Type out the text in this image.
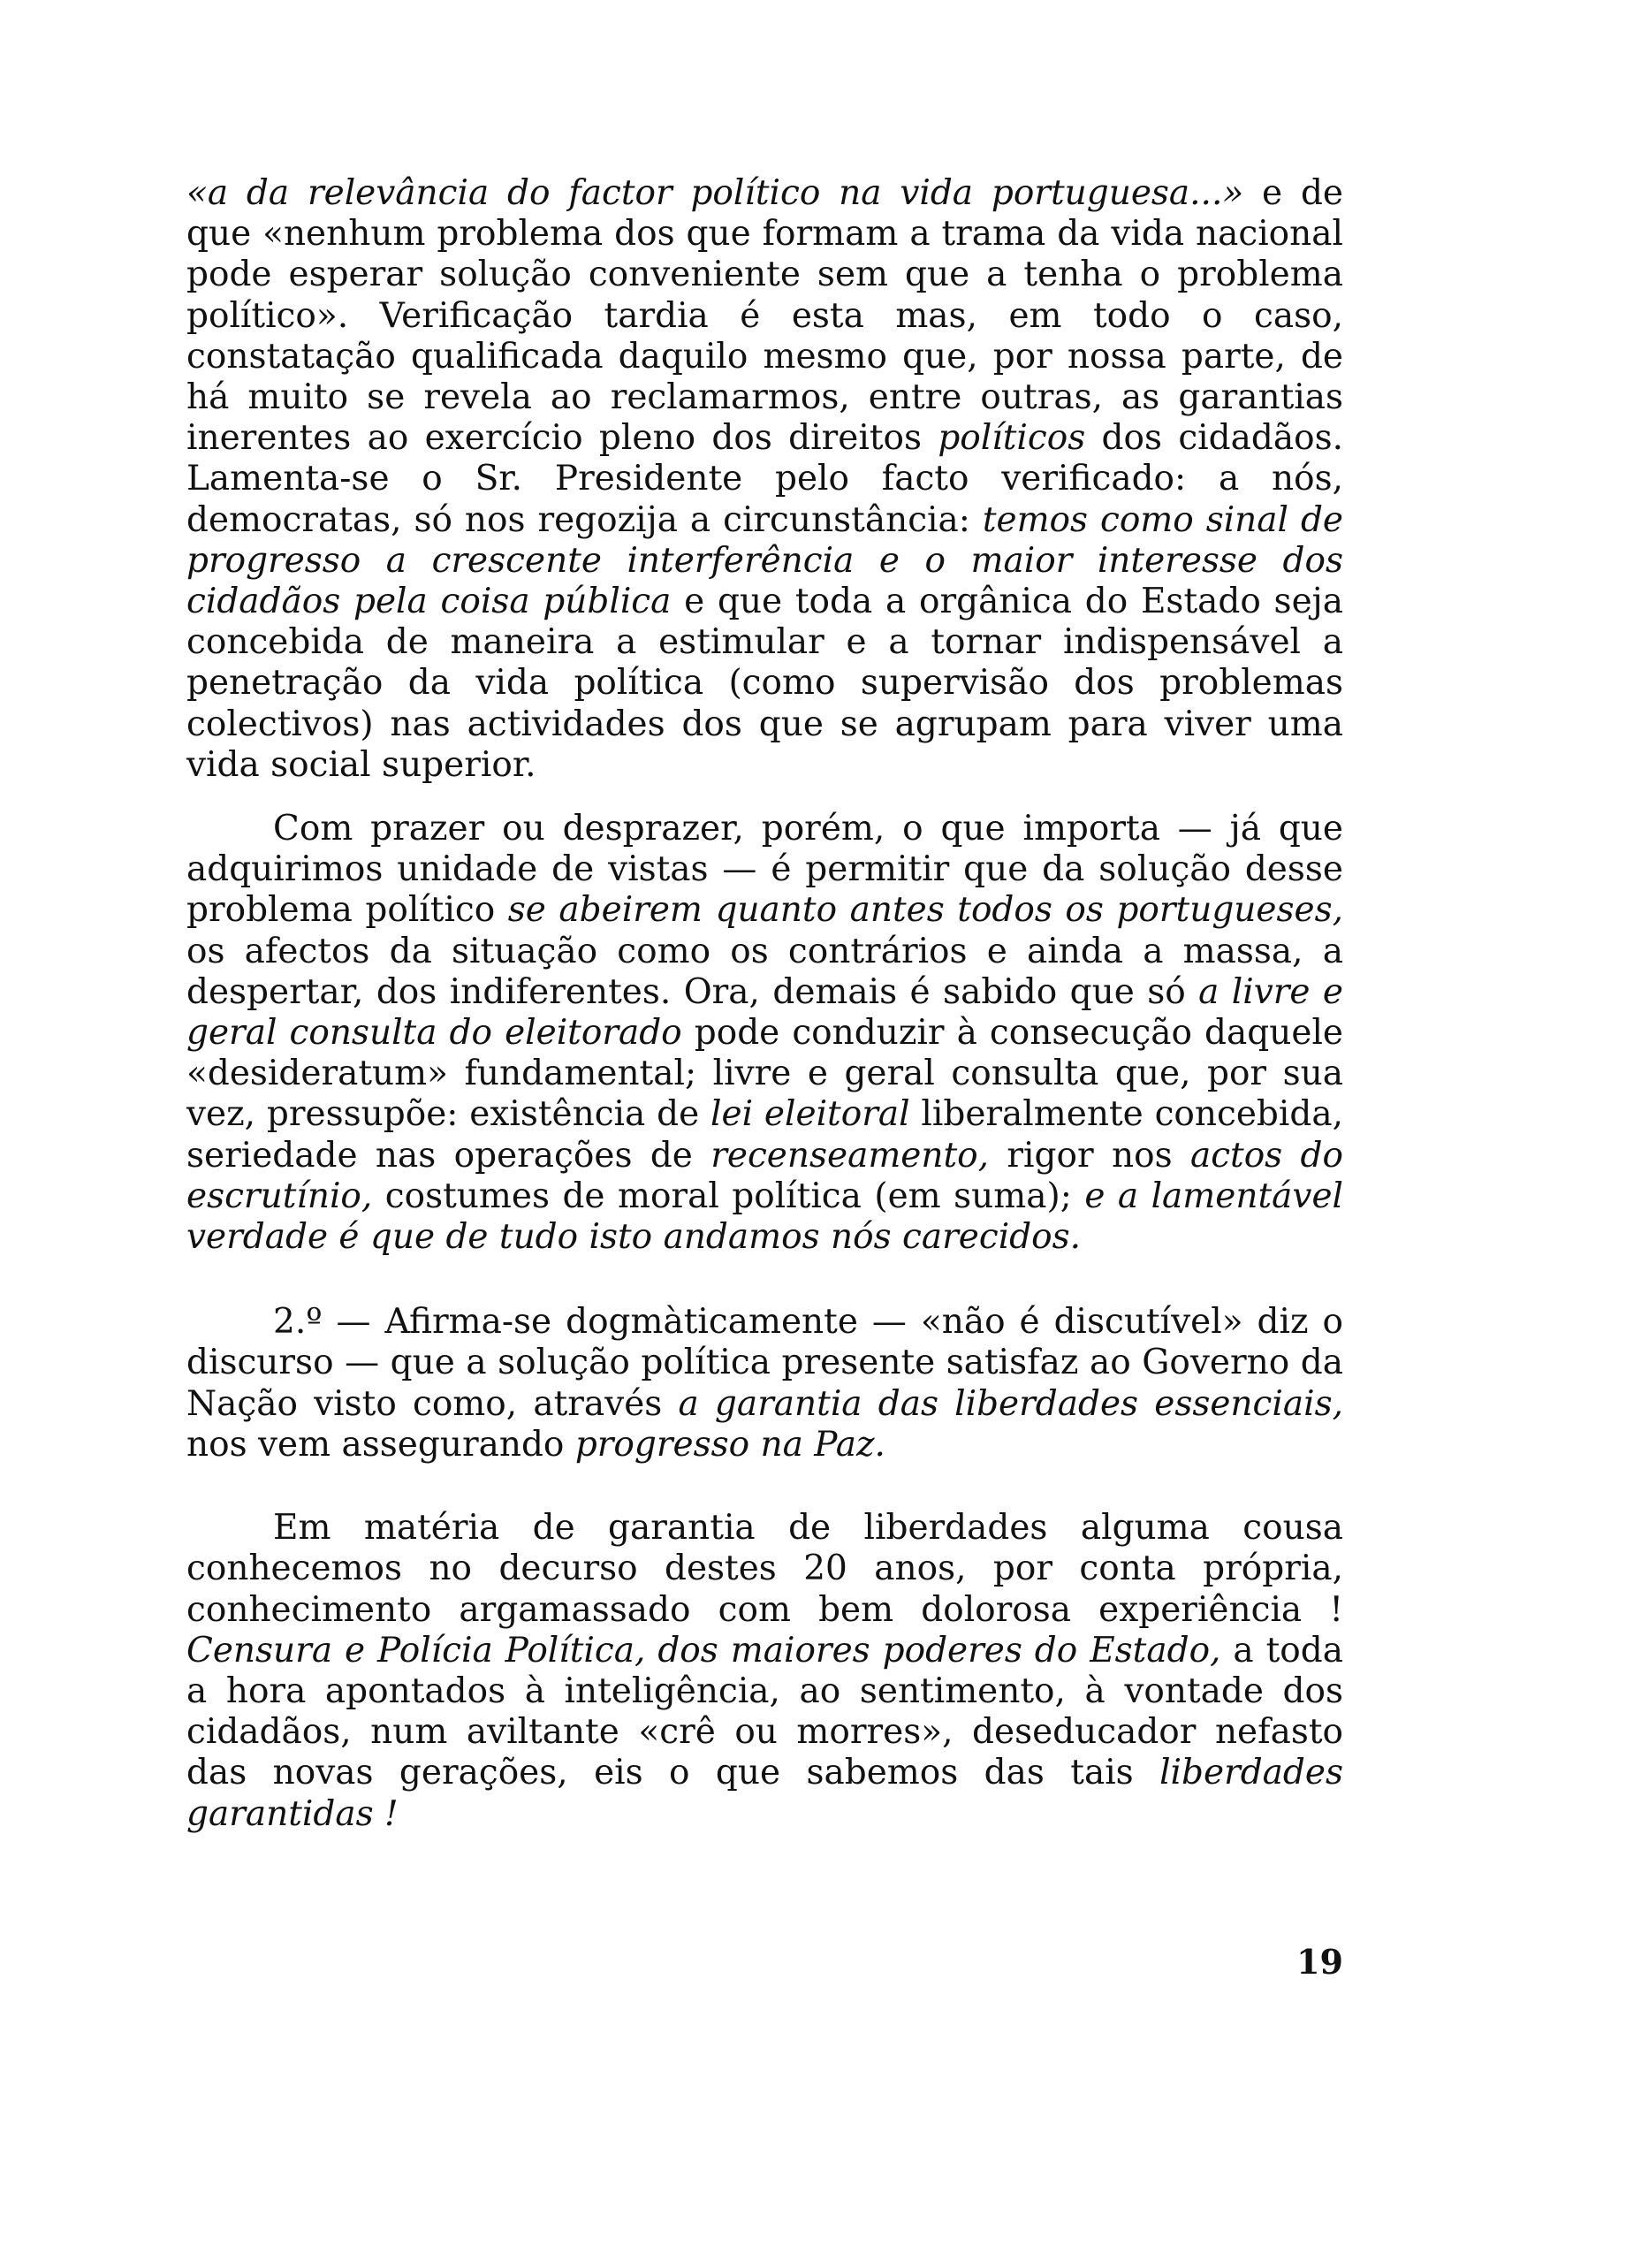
«a da relevância do factor político na vida portuguesa...» e de que «nenhum problema dos que formam a trama da vida nacional pode esperar solução conveniente sem que a tenha o problema político». Verificação tardia é esta mas, em todo o caso, constatação qualificada daquilo mesmo que, por nossa parte, de há muito se revela ao reclamarmos, entre outras, as garantias inerentes ao exercício pleno dos direitos políticos dos cidadãos. Lamenta-se o Sr. Presidente pelo facto verificado: a nós, democratas, só nos regozija a circunstância: temos como sinal de progresso a crescente interferência e o maior interesse dos cidadãos pela coisa pública e que toda a orgânica do Estado seja concebida de maneira a estimular e a tornar indispensável a penetração da vida política (como supervisão dos problemas colectivos) nas actividades dos que se agrupam para viver uma vida social superior.

Com prazer ou desprazer, porém, o que importa — já que adquirimos unidade de vistas — é permitir que da solução desse problema político se abeirem quanto antes todos os portugueses, os afectos da situação como os contrários e ainda a massa, a despertar, dos indiferentes. Ora, demais é sabido que só a livre e geral consulta do eleitorado pode conduzir à consecução daquele «desideratum» fundamental; livre e geral consulta que, por sua vez, pressupõe: existência de lei eleitoral liberalmente concebida, seriedade nas operações de recenseamento, rigor nos actos do escrutínio, costumes de moral política (em suma); e a lamentável verdade é que de tudo isto andamos nós carecidos.

2.º — Afirma-se dogmàticamente — «não é discutível» diz o discurso — que a solução política presente satisfaz ao Governo da Nação visto como, através a garantia das liberdades essenciais, nos vem assegurando progresso na Paz.

Em matéria de garantia de liberdades alguma cousa conhecemos no decurso destes 20 anos, por conta própria, conhecimento argamassado com bem dolorosa experiência ! Censura e Polícia Política, dos maiores poderes do Estado, a toda a hora apontados à inteligência, ao sentimento, à vontade dos cidadãos, num aviltante «crê ou morres», deseducador nefasto das novas gerações, eis o que sabemos das tais liberdades garantidas !

19
